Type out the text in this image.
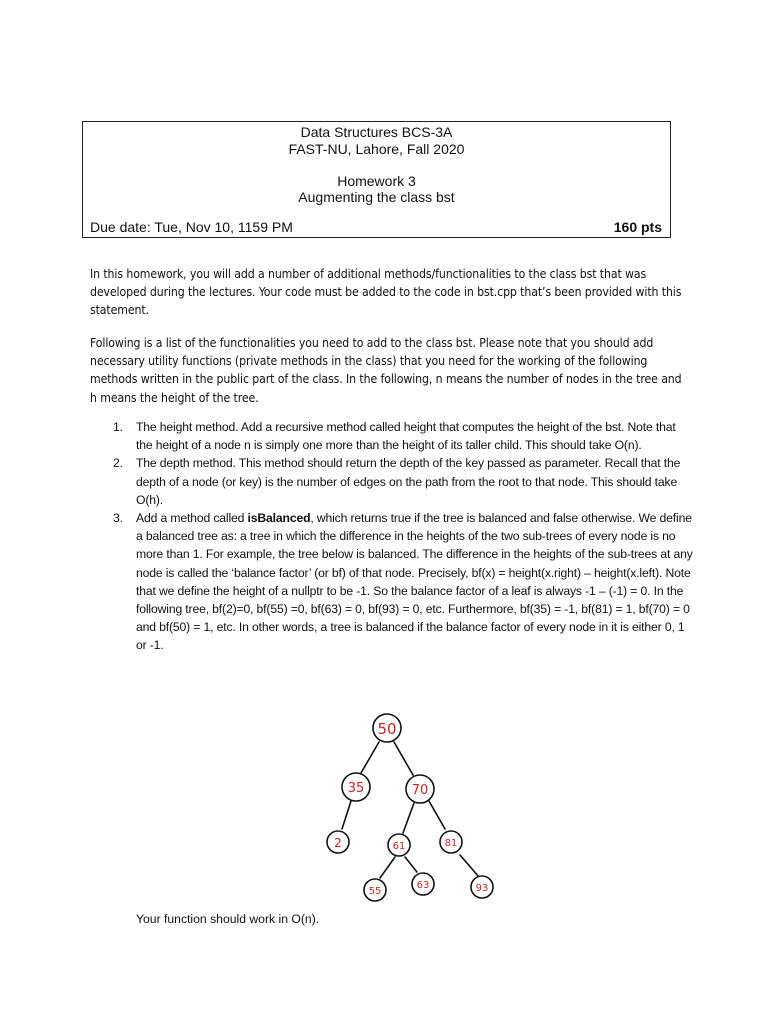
Data Structures BCS-3A
FAST-NU, Lahore, Fall 2020
Homework 3
Augmenting the class bst
Due date: Tue, Nov 10, 1159 PM	160 pts
In this homework, you will add a number of additional methods/functionalities to the class bst that was developed during the lectures. Your code must be added to the code in bst.cpp that’s been provided with this statement.
Following is a list of the functionalities you need to add to the class bst. Please note that you should add necessary utility functions (private methods in the class) that you need for the working of the following methods written in the public part of the class. In the following, n means the number of nodes in the tree and h means the height of the tree.
1. The height method. Add a recursive method called height that computes the height of the bst. Note that the height of a node n is simply one more than the height of its taller child. This should take O(n).
2. The depth method. This method should return the depth of the key passed as parameter. Recall that the depth of a node (or key) is the number of edges on the path from the root to that node. This should take O(h).
3. Add a method called isBalanced, which returns true if the tree is balanced and false otherwise. We define a balanced tree as: a tree in which the difference in the heights of the two sub-trees of every node is no more than 1. For example, the tree below is balanced. The difference in the heights of the sub-trees at any node is called the ‘balance factor’ (or bf) of that node. Precisely, bf(x) = height(x.right) – height(x.left). Note that we define the height of a nullptr to be -1. So the balance factor of a leaf is always -1 – (-1) = 0. In the following tree, bf(2)=0, bf(55) =0, bf(63) = 0, bf(93) = 0, etc. Furthermore, bf(35) = -1, bf(81) = 1, bf(70) = 0 and bf(50) = 1, etc. In other words, a tree is balanced if the balance factor of every node in it is either 0, 1 or -1.
50
35	70
2	61	81
55
63	93
Your function should work in O(n).
